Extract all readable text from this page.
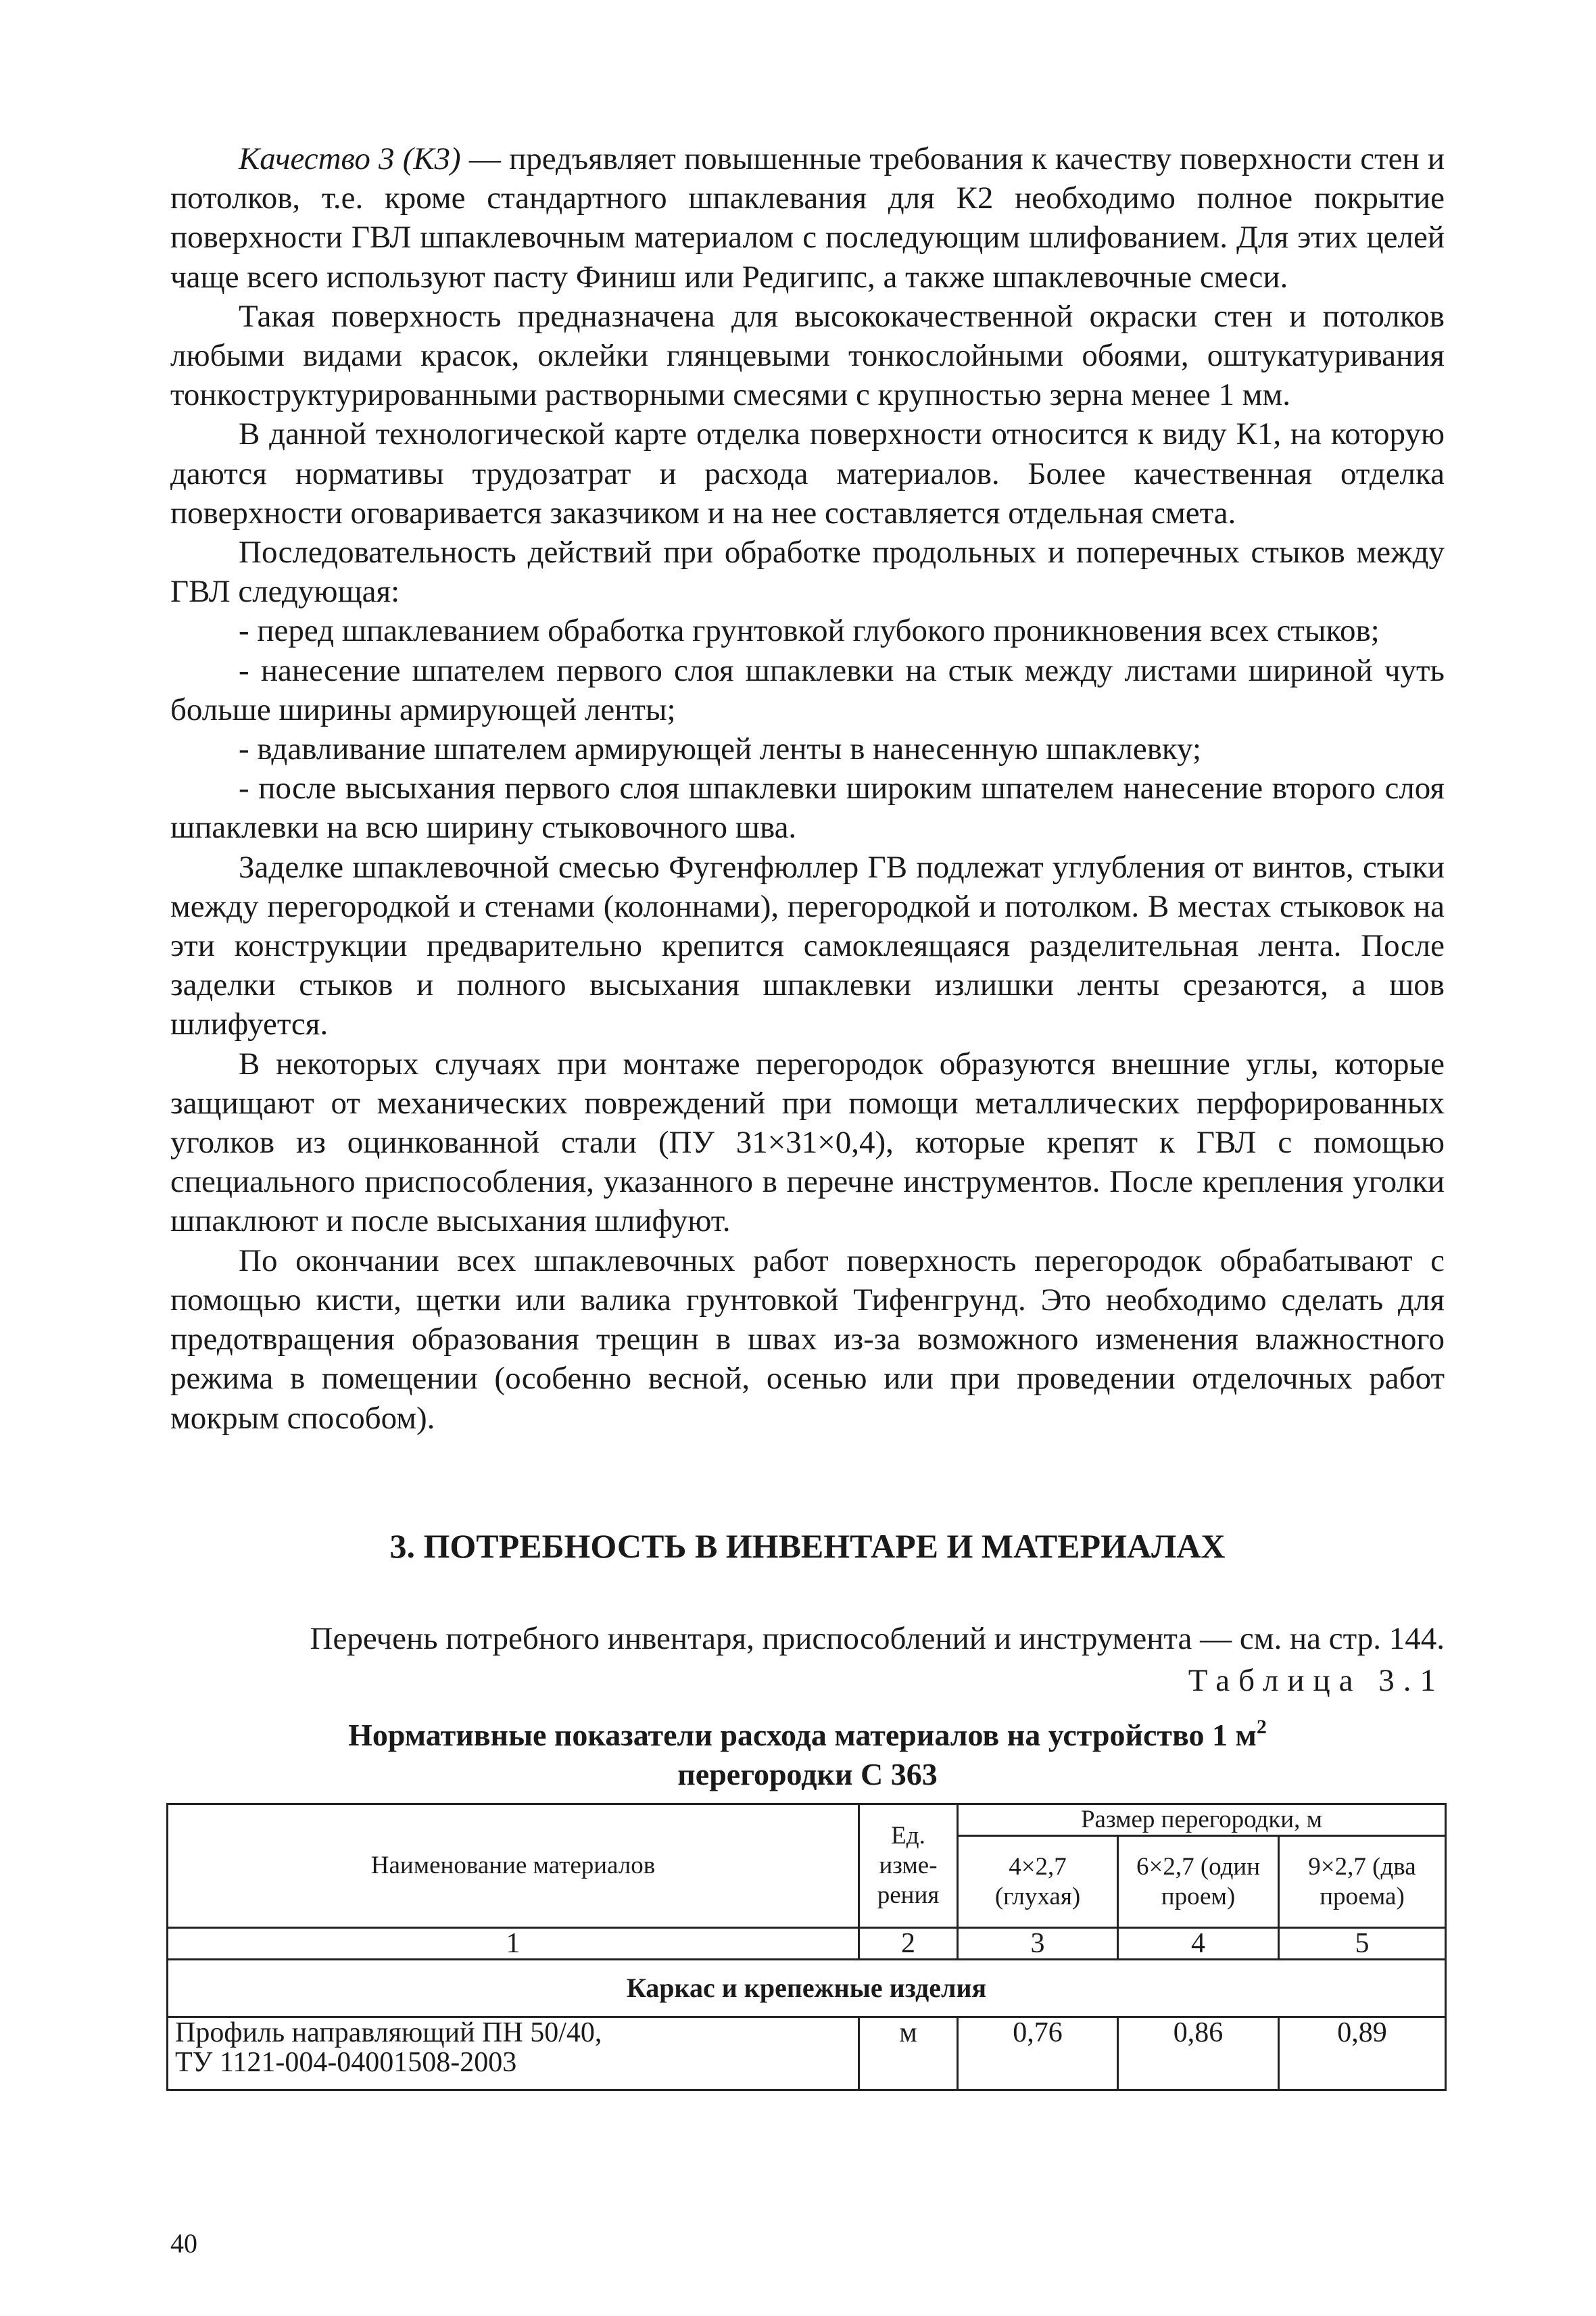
Качество 3 (К3) — предъявляет повышенные требования к качеству поверхности стен и потолков, т.е. кроме стандартного шпаклевания для К2 необходимо полное покрытие поверхности ГВЛ шпаклевочным материалом с последующим шлифованием. Для этих целей чаще всего используют пасту Финиш или Редигипс, а также шпаклевочные смеси.

Такая поверхность предназначена для высококачественной окраски стен и потолков любыми видами красок, оклейки глянцевыми тонкослойными обоями, оштукатуривания тонкоструктурированными растворными смесями с крупностью зерна менее 1 мм.

В данной технологической карте отделка поверхности относится к виду К1, на которую даются нормативы трудозатрат и расхода материалов. Более качественная отделка поверхности оговаривается заказчиком и на нее составляется отдельная смета.

Последовательность действий при обработке продольных и поперечных стыков между ГВЛ следующая:

- перед шпаклеванием обработка грунтовкой глубокого проникновения всех стыков;

- нанесение шпателем первого слоя шпаклевки на стык между листами шириной чуть больше ширины армирующей ленты;

- вдавливание шпателем армирующей ленты в нанесенную шпаклевку;

- после высыхания первого слоя шпаклевки широким шпателем нанесение второго слоя шпаклевки на всю ширину стыковочного шва.

Заделке шпаклевочной смесью Фугенфюллер ГВ подлежат углубления от винтов, стыки между перегородкой и стенами (колоннами), перегородкой и потолком. В местах стыковок на эти конструкции предварительно крепится самоклеящаяся разделительная лента. После заделки стыков и полного высыхания шпаклевки излишки ленты срезаются, а шов шлифуется.

В некоторых случаях при монтаже перегородок образуются внешние углы, которые защищают от механических повреждений при помощи металлических перфорированных уголков из оцинкованной стали (ПУ 31×31×0,4), которые крепят к ГВЛ с помощью специального приспособления, указанного в перечне инструментов. После крепления уголки шпаклюют и после высыхания шлифуют.

По окончании всех шпаклевочных работ поверхность перегородок обрабатывают с помощью кисти, щетки или валика грунтовкой Тифенгрунд. Это необходимо сделать для предотвращения образования трещин в швах из-за возможного изменения влажностного режима в помещении (особенно весной, осенью или при проведении отделочных работ мокрым способом).

3. ПОТРЕБНОСТЬ В ИНВЕНТАРЕ И МАТЕРИАЛАХ
Перечень потребного инвентаря, приспособлений и инструмента — см. на стр. 144.
Таблица 3.1
Нормативные показатели расхода материалов на устройство 1 $м^2$
перегородки С 363
Наименование материалов	Ед. изме-рения	Размер перегородки, м		
		4×2,7 (глухая)	6×2,7 (один проем)	9×2,7 (два проема)
1	2	3	4	5
Каркас и крепежные изделия				
Профиль направляющий ПН 50/40,
ТУ 1121-004-04001508-2003	м	0,76	0,86	0,89
40
